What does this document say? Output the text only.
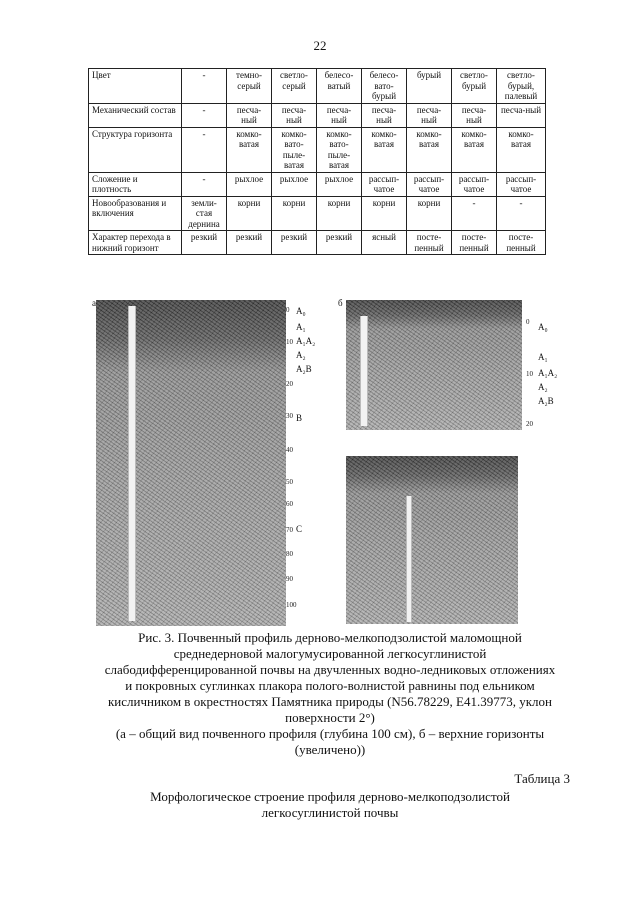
22
Цвет	-	темно-серый	светло-серый	белесо-ватый	белесо-вато-бурый	бурый	светло-бурый	светло-бурый, палевый
Механический состав	-	песча-ный	песча-ный	песча-ный	песча-ный	песча-ный	песча-ный	песча-ный
Структура горизонта	-	комко-ватая	комко-вато-пыле-ватая	комко-вато-пыле-ватая	комко-ватая	комко-ватая	комко-ватая	комко-ватая
Сложение и плотность	-	рыхлое	рыхлое	рыхлое	рассып-чатое	рассып-чатое	рассып-чатое	рассып-чатое
Новообразования и включения	земли-стая дернина	корни	корни	корни	корни	корни	-	-
Характер перехода в нижний горизонт	резкий	резкий	резкий	резкий	ясный	посте-пенный	посте-пенный	посте-пенный
а
A₀
A₁
A₁A₂
A₂
A₂B
B
C
0
10
20
30
40
50
60
70
80
90
100
б
A₀
A₁
A₁A₂
A₂
A₂B
0
10
20
Рис. 3. Почвенный профиль дерново-мелкоподзолистой маломощной среднедерновой малогумусированной легкосуглинистой слабодифференцированной почвы на двучленных водно-ледниковых отложениях и покровных суглинках плакора полого-волнистой равнины под ельником кисличником в окрестностях Памятника природы (N56.78229, E41.39773, уклон поверхности 2°)
(а – общий вид почвенного профиля (глубина 100 см), б – верхние горизонты (увеличено))
Таблица 3
Морфологическое строение профиля дерново-мелкоподзолистой легкосуглинистой почвы
